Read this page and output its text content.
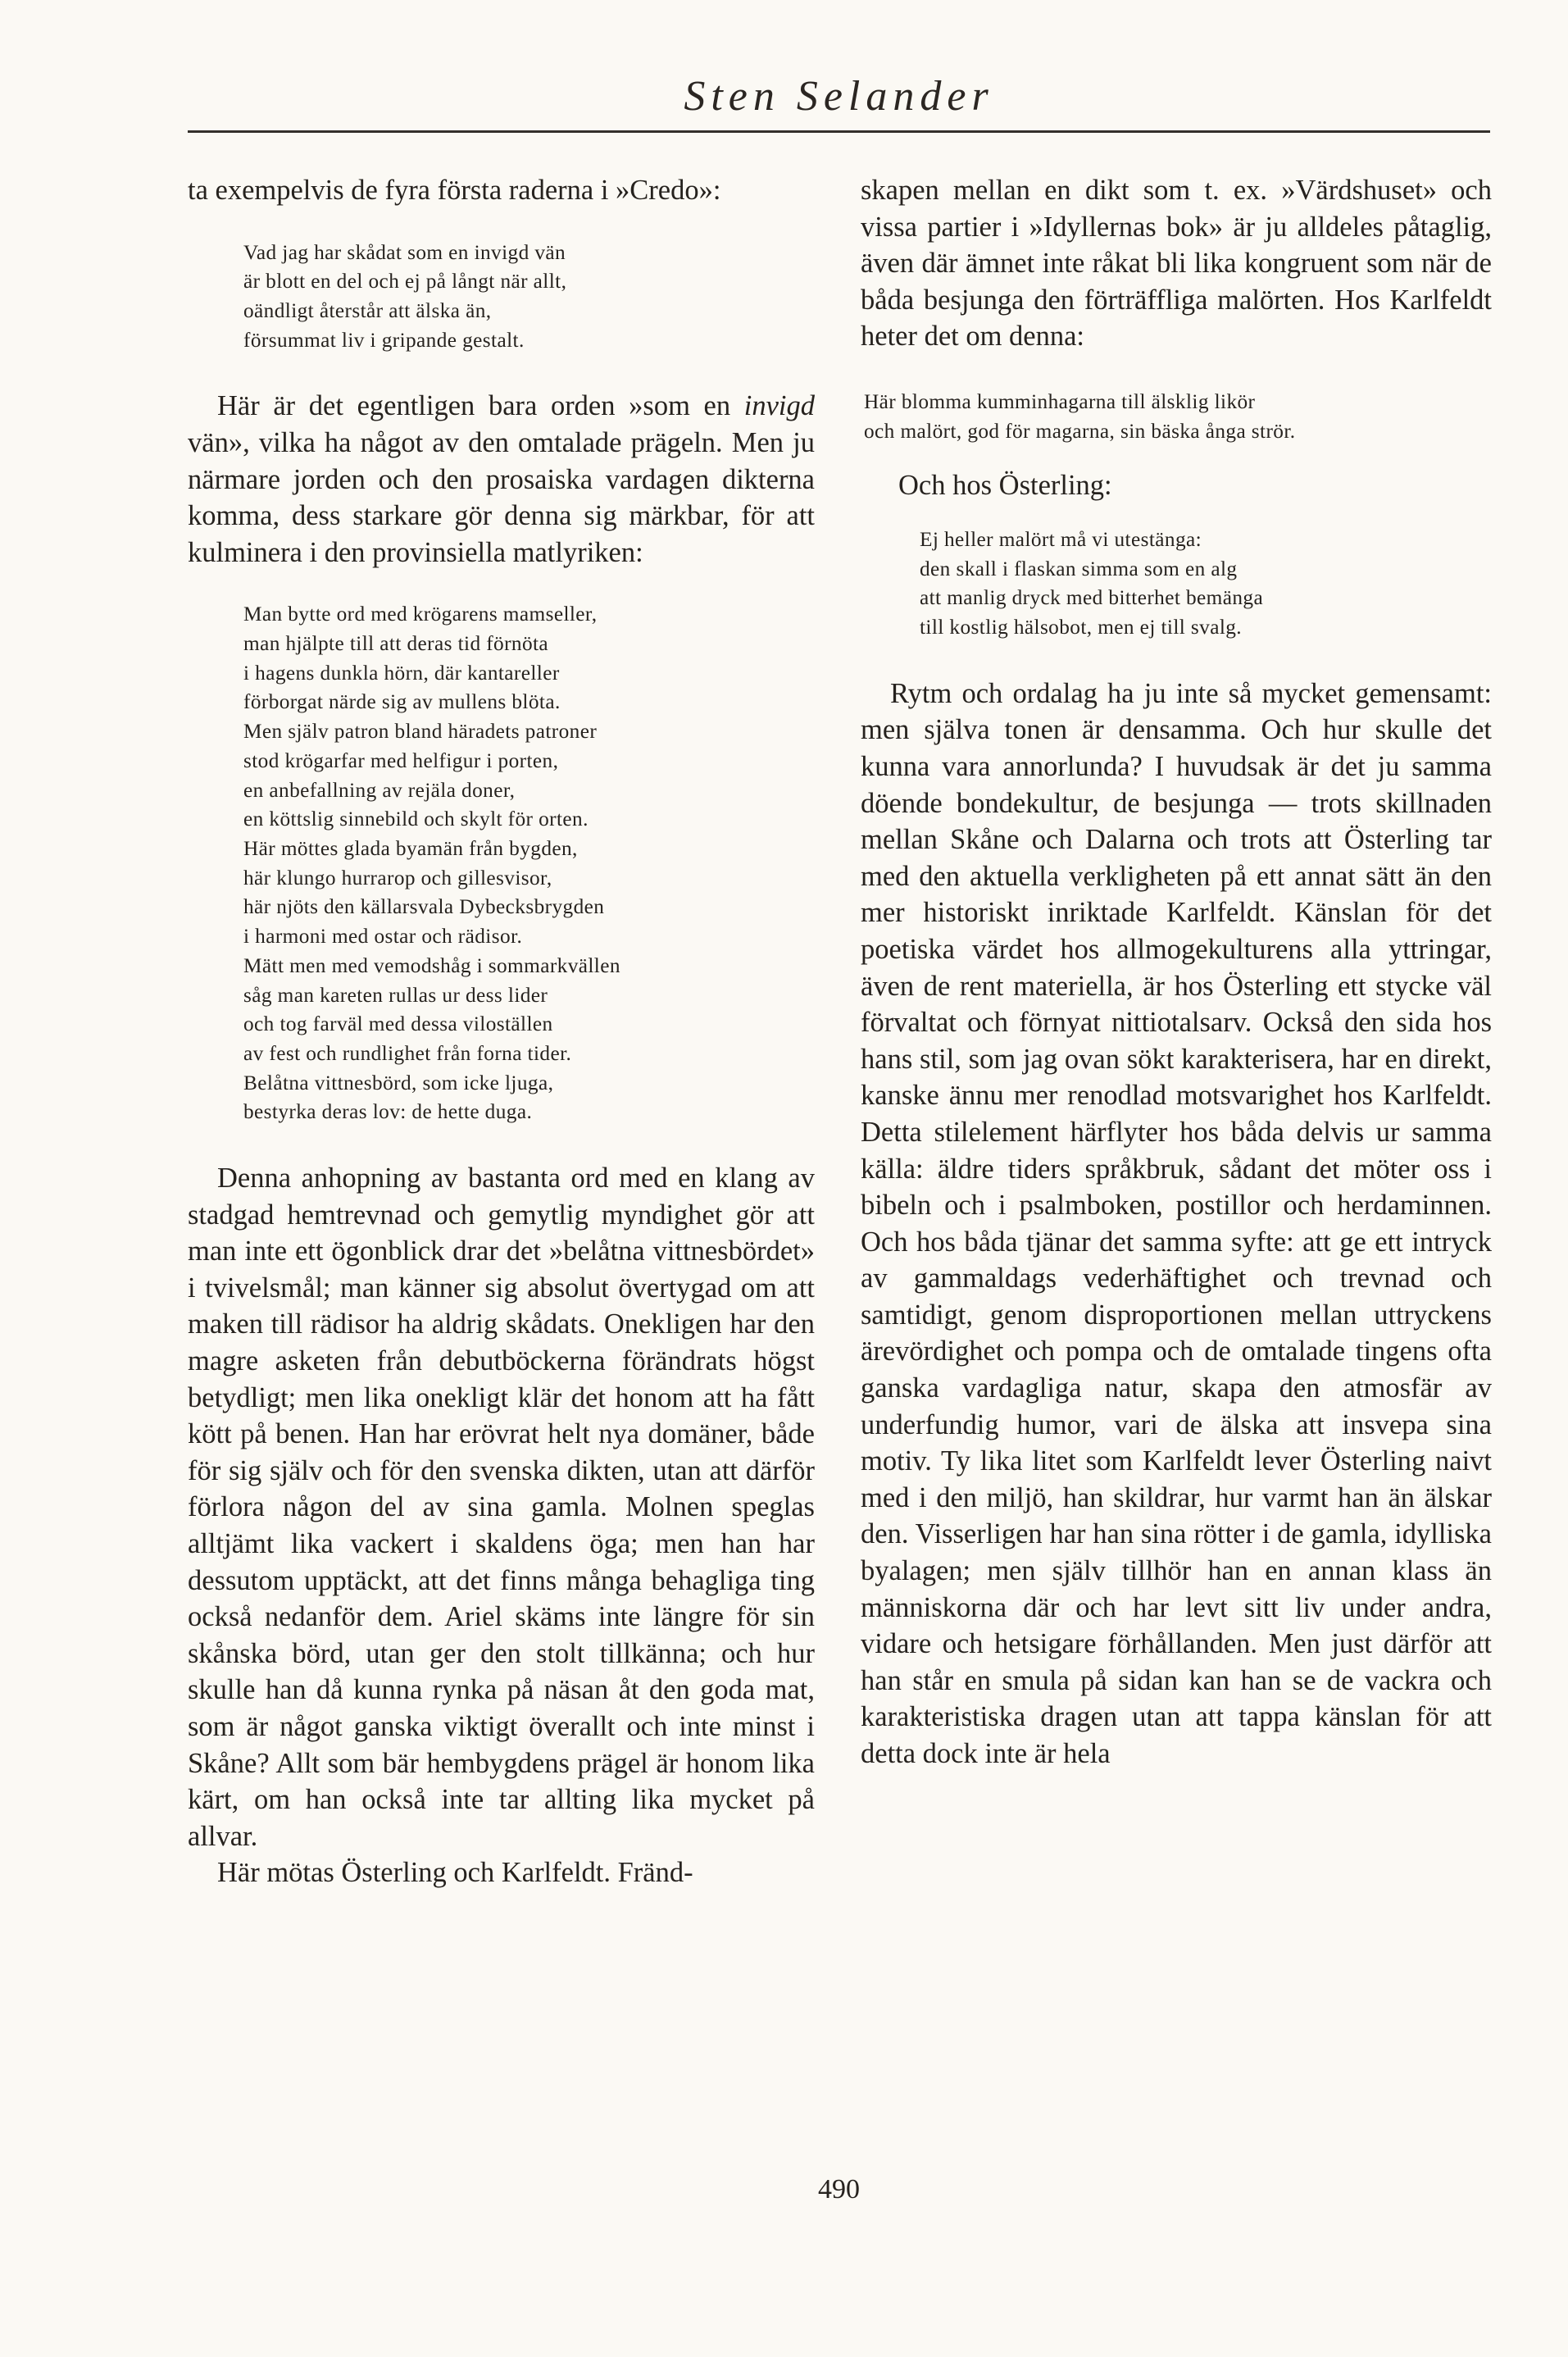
Sten Selander

ta exempelvis de fyra första raderna i »Credo»:

Vad jag har skådat som en invigd vän
är blott en del och ej på långt när allt,
oändligt återstår att älska än,
försummat liv i gripande gestalt.

Här är det egentligen bara orden »som en invigd vän», vilka ha något av den omtalade prägeln. Men ju närmare jorden och den prosaiska vardagen dikterna komma, dess starkare gör denna sig märkbar, för att kulminera i den provinsiella matlyriken:

Man bytte ord med krögarens mamseller,
man hjälpte till att deras tid förnöta
i hagens dunkla hörn, där kantareller
förborgat närde sig av mullens blöta.
Men själv patron bland häradets patroner
stod krögarfar med helfigur i porten,
en anbefallning av rejäla doner,
en köttslig sinnebild och skylt för orten.
Här möttes glada byamän från bygden,
här klungo hurrarop och gillesvisor,
här njöts den källarsvala Dybecksbrygden
i harmoni med ostar och rädisor.
Mätt men med vemodshåg i sommarkvällen
såg man kareten rullas ur dess lider
och tog farväl med dessa viloställen
av fest och rundlighet från forna tider.
Belåtna vittnesbörd, som icke ljuga,
bestyrka deras lov: de hette duga.

Denna anhopning av bastanta ord med en klang av stadgad hemtrevnad och gemytlig myndighet gör att man inte ett ögonblick drar det »belåtna vittnesbördet» i tvivelsmål; man känner sig absolut övertygad om att maken till rädisor ha aldrig skådats. Onekligen har den magre asketen från debutböckerna förändrats högst betydligt; men lika onekligt klär det honom att ha fått kött på benen. Han har erövrat helt nya domäner, både för sig själv och för den svenska dikten, utan att därför förlora någon del av sina gamla. Molnen speglas alltjämt lika vackert i skaldens öga; men han har dessutom upptäckt, att det finns många behagliga ting också nedanför dem. Ariel skäms inte längre för sin skånska börd, utan ger den stolt tillkänna; och hur skulle han då kunna rynka på näsan åt den goda mat, som är något ganska viktigt överallt och inte minst i Skåne? Allt som bär hembygdens prägel är honom lika kärt, om han också inte tar allting lika mycket på allvar.

Här mötas Österling och Karlfeldt. Fränd-

skapen mellan en dikt som t. ex. »Värdshuset» och vissa partier i »Idyllernas bok» är ju alldeles påtaglig, även där ämnet inte råkat bli lika kongruent som när de båda besjunga den förträffliga malörten. Hos Karlfeldt heter det om denna:

Här blomma kumminhagarna till älsklig likör
och malört, god för magarna, sin bäska ånga strör.

Och hos Österling:

Ej heller malört må vi utestänga:
den skall i flaskan simma som en alg
att manlig dryck med bitterhet bemänga
till kostlig hälsobot, men ej till svalg.

Rytm och ordalag ha ju inte så mycket gemensamt: men själva tonen är densamma. Och hur skulle det kunna vara annorlunda? I huvudsak är det ju samma döende bondekultur, de besjunga — trots skillnaden mellan Skåne och Dalarna och trots att Österling tar med den aktuella verkligheten på ett annat sätt än den mer historiskt inriktade Karlfeldt. Känslan för det poetiska värdet hos allmogekulturens alla yttringar, även de rent materiella, är hos Österling ett stycke väl förvaltat och förnyat nittiotalsarv. Också den sida hos hans stil, som jag ovan sökt karakterisera, har en direkt, kanske ännu mer renodlad motsvarighet hos Karlfeldt. Detta stilelement härflyter hos båda delvis ur samma källa: äldre tiders språkbruk, sådant det möter oss i bibeln och i psalmboken, postillor och herdaminnen. Och hos båda tjänar det samma syfte: att ge ett intryck av gammaldags vederhäftighet och trevnad och samtidigt, genom disproportionen mellan uttryckens ärevördighet och pompa och de omtalade tingens ofta ganska vardagliga natur, skapa den atmosfär av underfundig humor, vari de älska att insvepa sina motiv. Ty lika litet som Karlfeldt lever Österling naivt med i den miljö, han skildrar, hur varmt han än älskar den. Visserligen har han sina rötter i de gamla, idylliska byalagen; men själv tillhör han en annan klass än människorna där och har levt sitt liv under andra, vidare och hetsigare förhållanden. Men just därför att han står en smula på sidan kan han se de vackra och karakteristiska dragen utan att tappa känslan för att detta dock inte är hela

490
